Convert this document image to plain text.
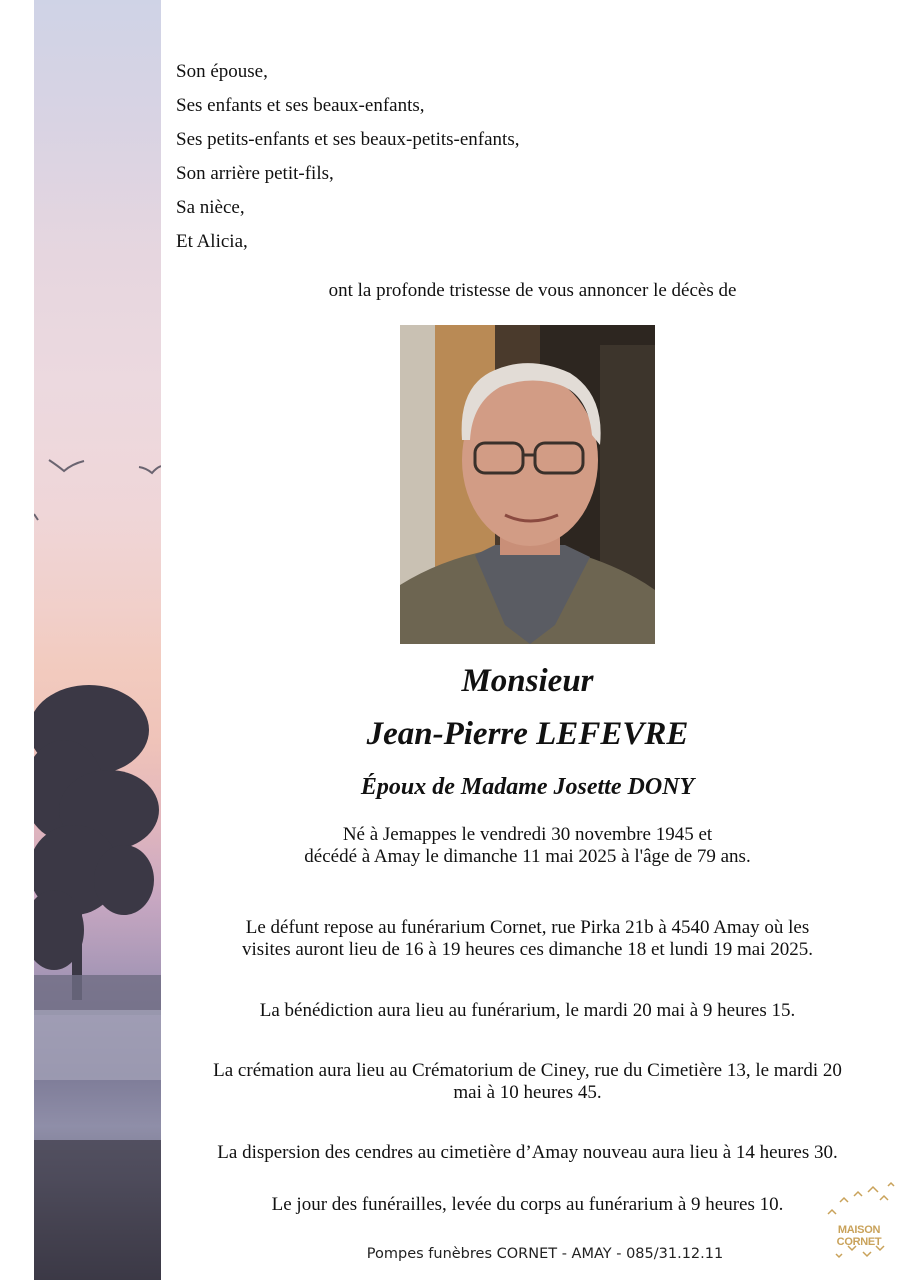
Son épouse,
Ses enfants et ses beaux-enfants,
Ses petits-enfants et ses beaux-petits-enfants,
Son arrière petit-fils,
Sa nièce,
Et Alicia,
ont la profonde tristesse de vous annoncer le décès de
Monsieur
Jean-Pierre LEFEVRE
Époux de Madame Josette DONY
Né à Jemappes le vendredi 30 novembre 1945 et
décédé à Amay le dimanche 11 mai 2025 à l'âge de 79 ans.
Le défunt repose au funérarium Cornet, rue Pirka 21b à 4540 Amay où les
visites auront lieu de 16 à 19 heures ces dimanche 18 et lundi 19 mai 2025.
La bénédiction aura lieu au funérarium, le mardi 20 mai à 9 heures 15.
La crémation aura lieu au Crématorium de Ciney, rue du Cimetière 13, le mardi 20
mai à 10 heures 45.
La dispersion des cendres au cimetière d’Amay nouveau aura lieu à 14 heures 30.
Le jour des funérailles, levée du corps au funérarium à 9 heures 10.
Pompes funèbres CORNET - AMAY - 085/31.12.11
MAISON CORNET
